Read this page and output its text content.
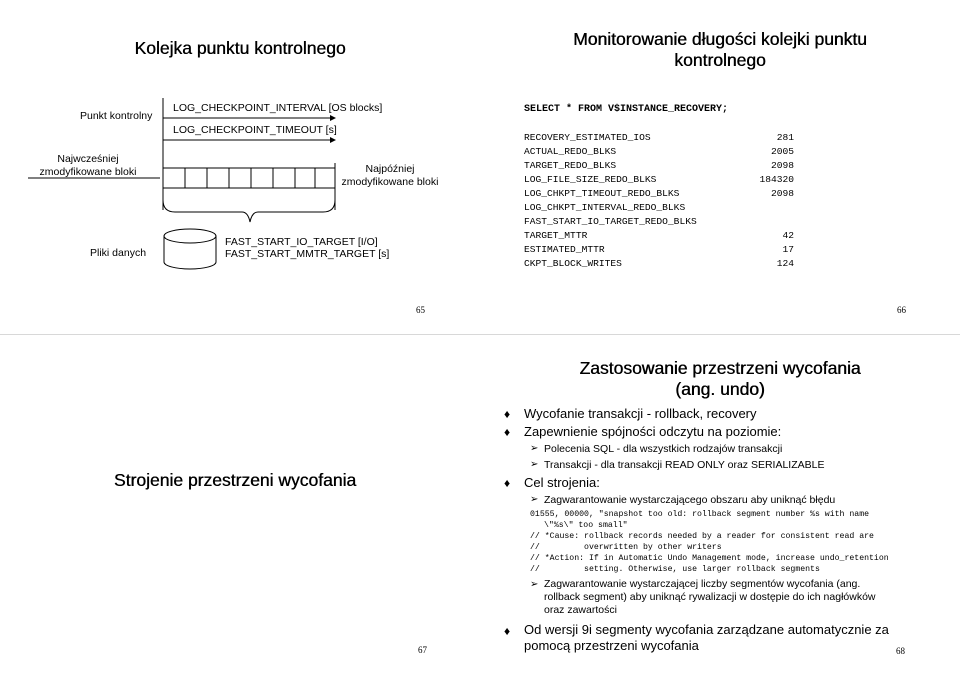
Kolejka punktu kontrolnego
Punkt kontrolny
LOG_CHECKPOINT_INTERVAL [OS blocks]
LOG_CHECKPOINT_TIMEOUT [s]
Najwcześniej
zmodyfikowane bloki	Najpóźniej
zmodyfikowane bloki
Pliki danych
FAST_START_IO_TARGET [I/O]
FAST_START_MMTR_TARGET [s]
65
Monitorowanie długości kolejki punktu
kontrolnego
SELECT * FROM V$INSTANCE_RECOVERY;
RECOVERY_ESTIMATED_IOS	281
ACTUAL_REDO_BLKS	2005
TARGET_REDO_BLKS	2098
LOG_FILE_SIZE_REDO_BLKS	184320
LOG_CHKPT_TIMEOUT_REDO_BLKS	2098
LOG_CHKPT_INTERVAL_REDO_BLKS
FAST_START_IO_TARGET_REDO_BLKS
TARGET_MTTR	42
ESTIMATED_MTTR	17
CKPT_BLOCK_WRITES	124
66
Strojenie przestrzeni wycofania
67
Zastosowanie przestrzeni wycofania
(ang. undo)
♦ Wycofanie transakcji - rollback, recovery
♦ Zapewnienie spójności odczytu na poziomie:
➢ Polecenia SQL - dla wszystkich rodzajów transakcji
➢ Transakcji - dla transakcji READ ONLY oraz SERIALIZABLE
♦ Cel strojenia:
➢ Zagwarantowanie wystarczającego obszaru aby uniknąć błędu
01555, 00000, "snapshot too old: rollback segment number %s with name
\"%s\" too small"
// *Cause: rollback records needed by a reader for consistent read are
//         overwritten by other writers
// *Action: If in Automatic Undo Management mode, increase undo_retention
//         setting. Otherwise, use larger rollback segments
➢ Zagwarantowanie wystarczającej liczby segmentów wycofania (ang.
rollback segment) aby uniknąć rywalizacji w dostępie do ich nagłówków
oraz zawartości
♦ Od wersji 9i segmenty wycofania zarządzane automatycznie za
pomocą przestrzeni wycofania	68
